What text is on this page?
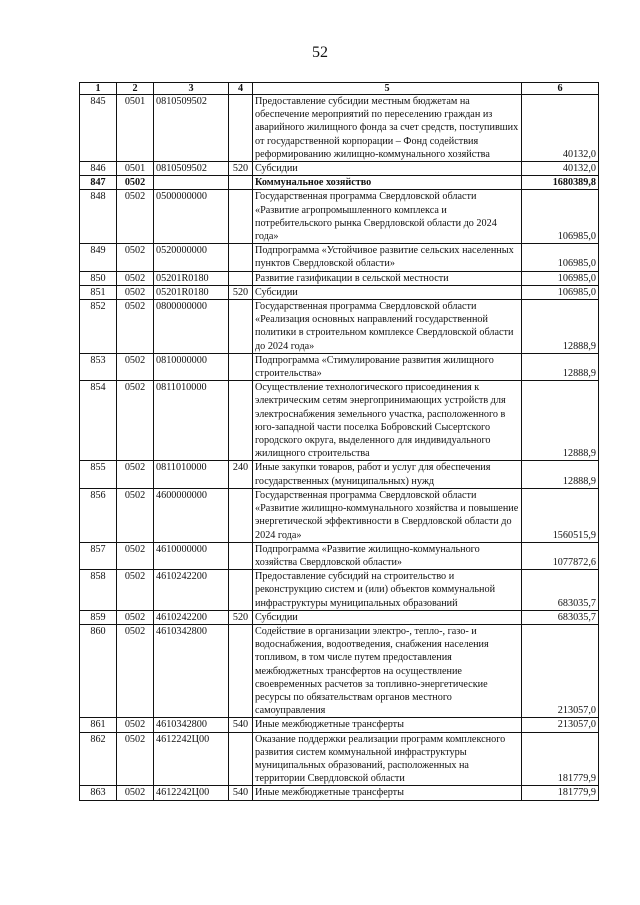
52
1	2	3	4	5	6
845	0501	0810509502		Предоставление субсидии местным бюджетам на обеспечение мероприятий по переселению граждан из аварийного жилищного фонда за счет средств, поступивших от государственной корпорации – Фонд содействия реформированию жилищно-коммунального хозяйства	40132,0
846	0501	0810509502	520	Субсидии	40132,0
847	0502			Коммунальное хозяйство	1680389,8
848	0502	0500000000		Государственная программа Свердловской области «Развитие агропромышленного комплекса и потребительского рынка Свердловской области до 2024 года»	106985,0
849	0502	0520000000		Подпрограмма «Устойчивое развитие сельских населенных пунктов Свердловской области»	106985,0
850	0502	05201R0180		Развитие газификации в сельской местности	106985,0
851	0502	05201R0180	520	Субсидии	106985,0
852	0502	0800000000		Государственная программа Свердловской области «Реализация основных направлений государственной политики в строительном комплексе Свердловской области до 2024 года»	12888,9
853	0502	0810000000		Подпрограмма «Стимулирование развития жилищного строительства»	12888,9
854	0502	0811010000		Осуществление технологического присоединения к электрическим сетям энергопринимающих устройств для электроснабжения земельного участка, расположенного в юго-западной части поселка Бобровский Сысертского городского округа, выделенного для индивидуального жилищного строительства	12888,9
855	0502	0811010000	240	Иные закупки товаров, работ и услуг для обеспечения государственных (муниципальных) нужд	12888,9
856	0502	4600000000		Государственная программа Свердловской области «Развитие жилищно-коммунального хозяйства и повышение энергетической эффективности в Свердловской области до 2024 года»	1560515,9
857	0502	4610000000		Подпрограмма «Развитие жилищно-коммунального хозяйства Свердловской области»	1077872,6
858	0502	4610242200		Предоставление субсидий на строительство и реконструкцию систем и (или) объектов коммунальной инфраструктуры муниципальных образований	683035,7
859	0502	4610242200	520	Субсидии	683035,7
860	0502	4610342800		Содействие в организации электро-, тепло-, газо- и водоснабжения, водоотведения, снабжения населения топливом, в том числе путем предоставления межбюджетных трансфертов на осуществление своевременных расчетов за топливно-энергетические ресурсы по обязательствам органов местного самоуправления	213057,0
861	0502	4610342800	540	Иные межбюджетные трансферты	213057,0
862	0502	4612242Ц00		Оказание поддержки реализации программ комплексного развития систем коммунальной инфраструктуры муниципальных образований, расположенных на территории Свердловской области	181779,9
863	0502	4612242Ц00	540	Иные межбюджетные трансферты	181779,9
